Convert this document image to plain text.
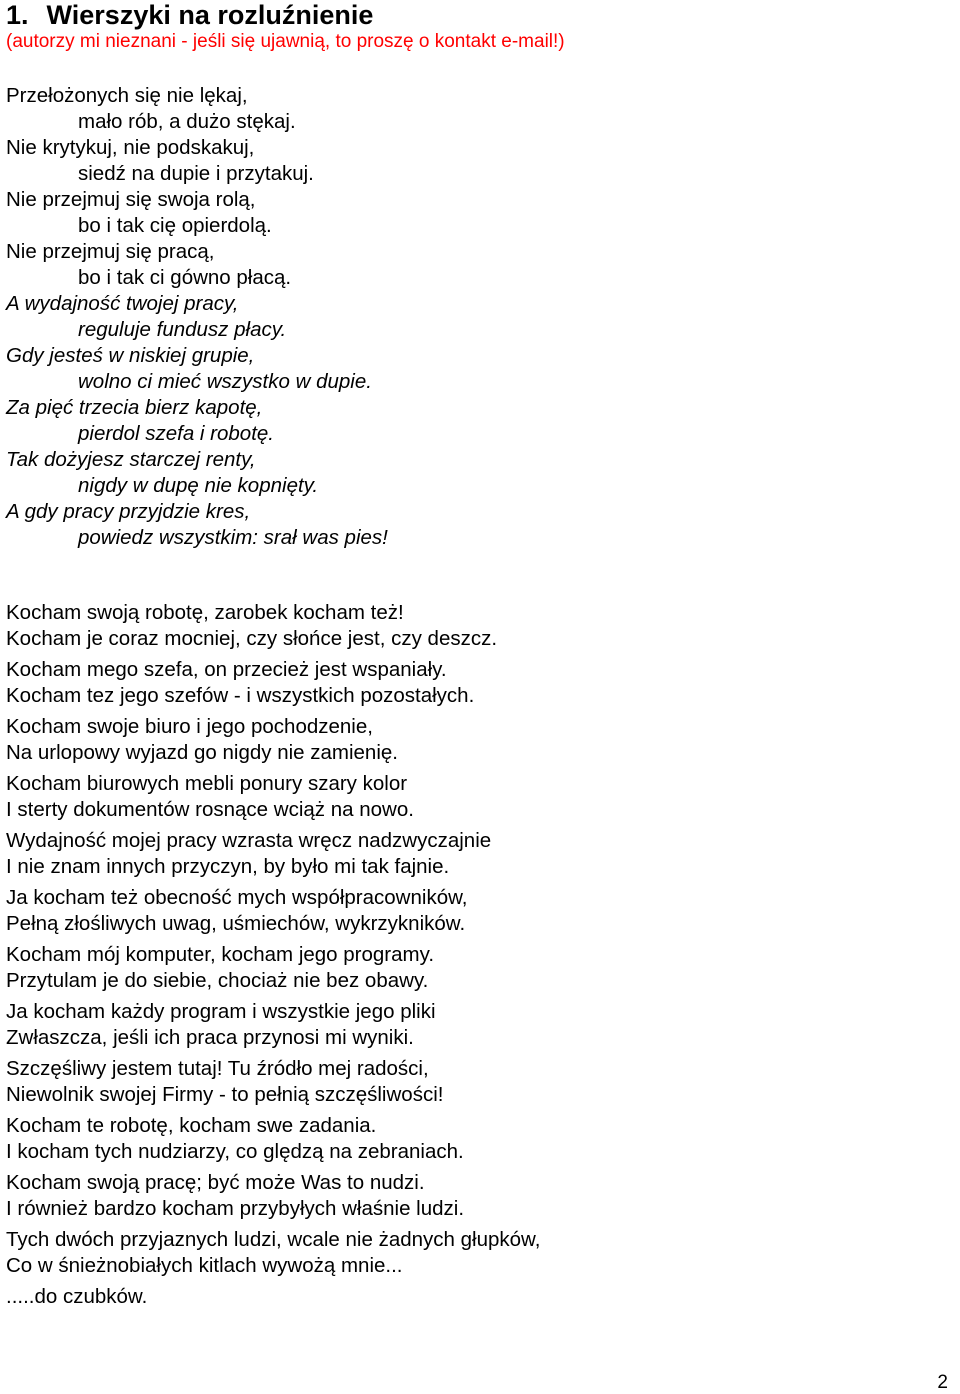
1. Wierszyki na rozluźnienie

(autorzy mi nieznani - jeśli się ujawnią, to proszę o kontakt e-mail!)

Przełożonych się nie lękaj,
mało rób, a dużo stękaj.
Nie krytykuj, nie podskakuj,
siedź na dupie i przytakuj.
Nie przejmuj się swoja rolą,
bo i tak cię opierdolą.
Nie przejmuj się pracą,
bo i tak ci gówno płacą.
A wydajność twojej pracy,
reguluje fundusz płacy.
Gdy jesteś w niskiej grupie,
wolno ci mieć wszystko w dupie.
Za pięć trzecia bierz kapotę,
pierdol szefa i robotę.
Tak dożyjesz starczej renty,
nigdy w dupę nie kopnięty.
A gdy pracy przyjdzie kres,
powiedz wszystkim: srał was pies!
Kocham swoją robotę, zarobek kocham też!
Kocham je coraz mocniej, czy słońce jest, czy deszcz.
Kocham mego szefa, on przecież jest wspaniały.
Kocham tez jego szefów - i wszystkich pozostałych.
Kocham swoje biuro i jego pochodzenie,
Na urlopowy wyjazd go nigdy nie zamienię.
Kocham biurowych mebli ponury szary kolor
I sterty dokumentów rosnące wciąż na nowo.
Wydajność mojej pracy wzrasta wręcz nadzwyczajnie
I nie znam innych przyczyn, by było mi tak fajnie.
Ja kocham też obecność mych współpracowników,
Pełną złośliwych uwag, uśmiechów, wykrzykników.
Kocham mój komputer, kocham jego programy.
Przytulam je do siebie, chociaż nie bez obawy.
Ja kocham każdy program i wszystkie jego pliki
Zwłaszcza, jeśli ich praca przynosi mi wyniki.
Szczęśliwy jestem tutaj! Tu źródło mej radości,
Niewolnik swojej Firmy - to pełnią szczęśliwości!
Kocham te robotę, kocham swe zadania.
I kocham tych nudziarzy, co ględzą na zebraniach.
Kocham swoją pracę; być może Was to nudzi.
I również bardzo kocham przybyłych właśnie ludzi.
Tych dwóch przyjaznych ludzi, wcale nie żadnych głupków,
Co w śnieżnobiałych kitlach wywożą mnie...
.....do czubków.
2
